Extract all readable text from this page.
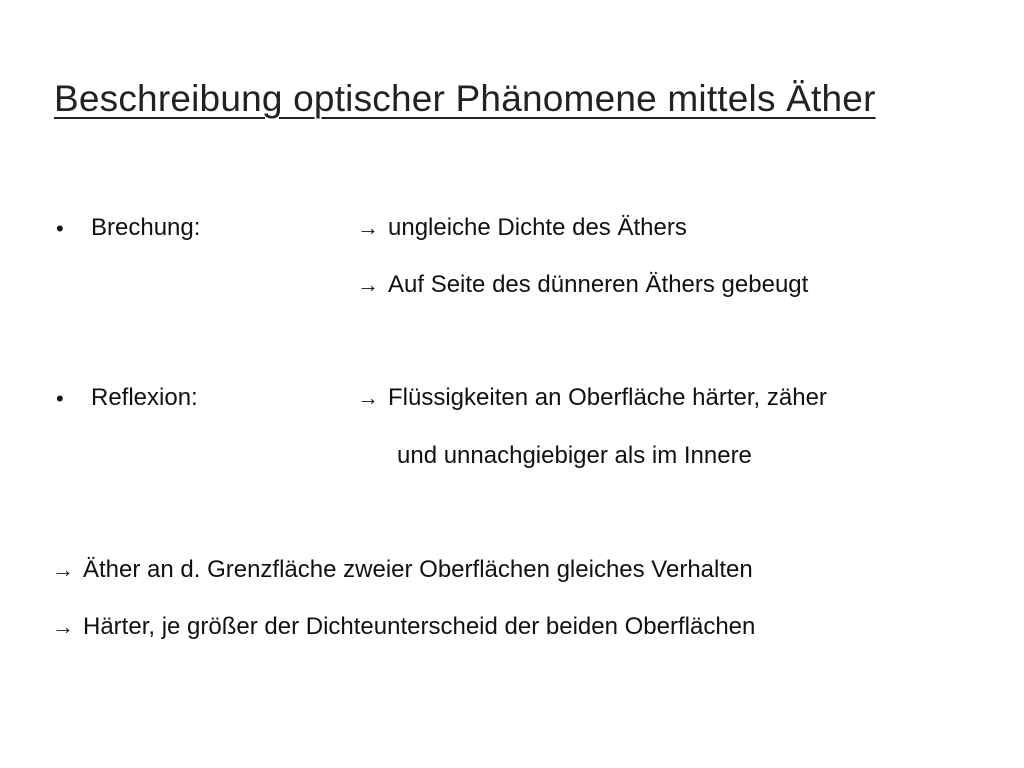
Beschreibung optischer Phänomene mittels Äther
• Brechung:	→ ungleiche Dichte des Äthers
→ Auf Seite des dünneren Äthers gebeugt
• Reflexion:	→ Flüssigkeiten an Oberfläche härter, zäher
und unnachgiebiger als im Innere
→ Äther an d. Grenzfläche zweier Oberflächen gleiches Verhalten
→ Härter, je größer der Dichteunterscheid der beiden Oberflächen
